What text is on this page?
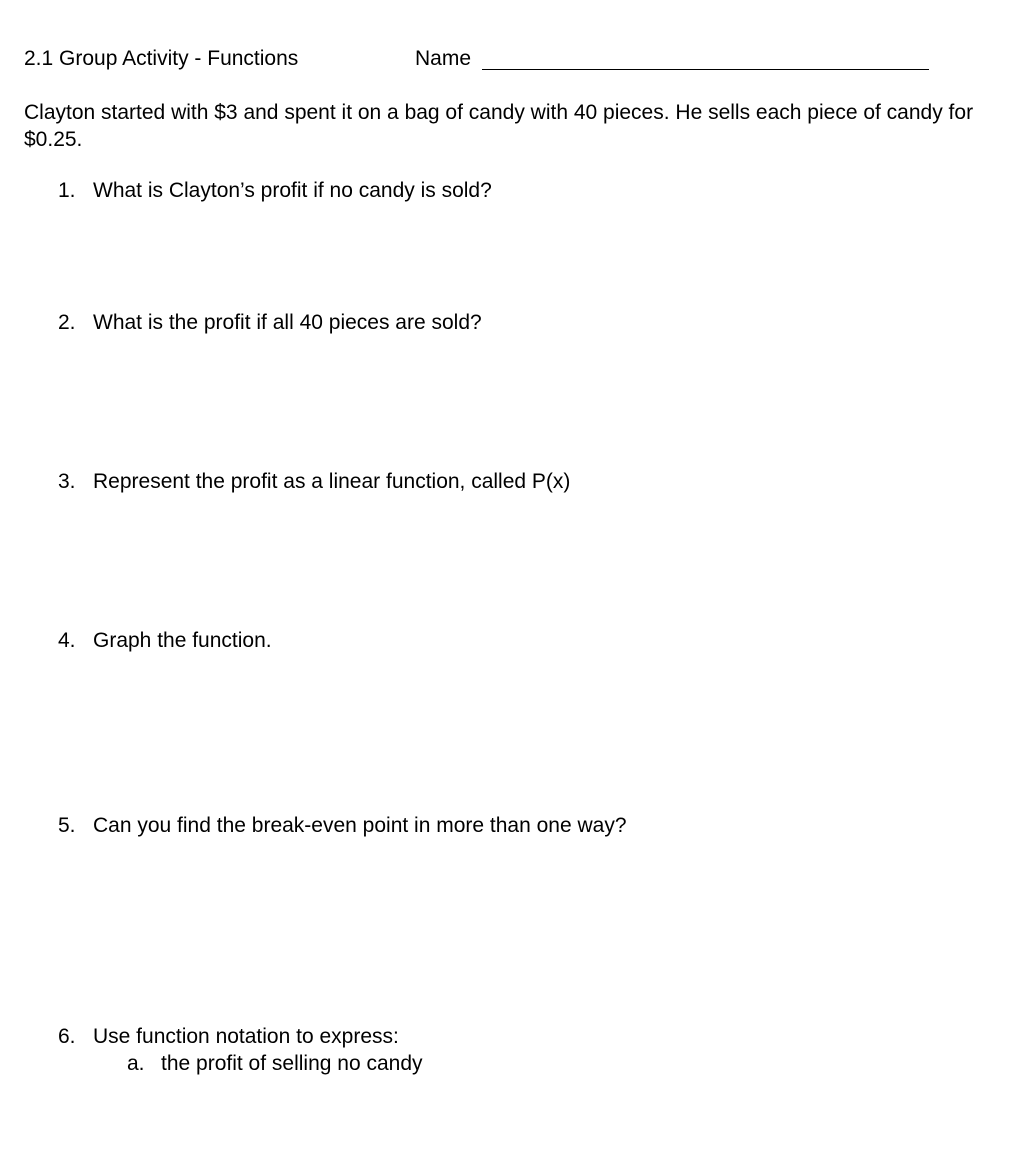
2.1 Group Activity - Functions	Name
Clayton started with $3 and spent it on a bag of candy with 40 pieces. He sells each piece of candy for $0.25.
1. What is Clayton’s profit if no candy is sold?
2. What is the profit if all 40 pieces are sold?
3. Represent the profit as a linear function, called P(x)
4. Graph the function.
5. Can you find the break-even point in more than one way?
6. Use function notation to express:
a. the profit of selling no candy
